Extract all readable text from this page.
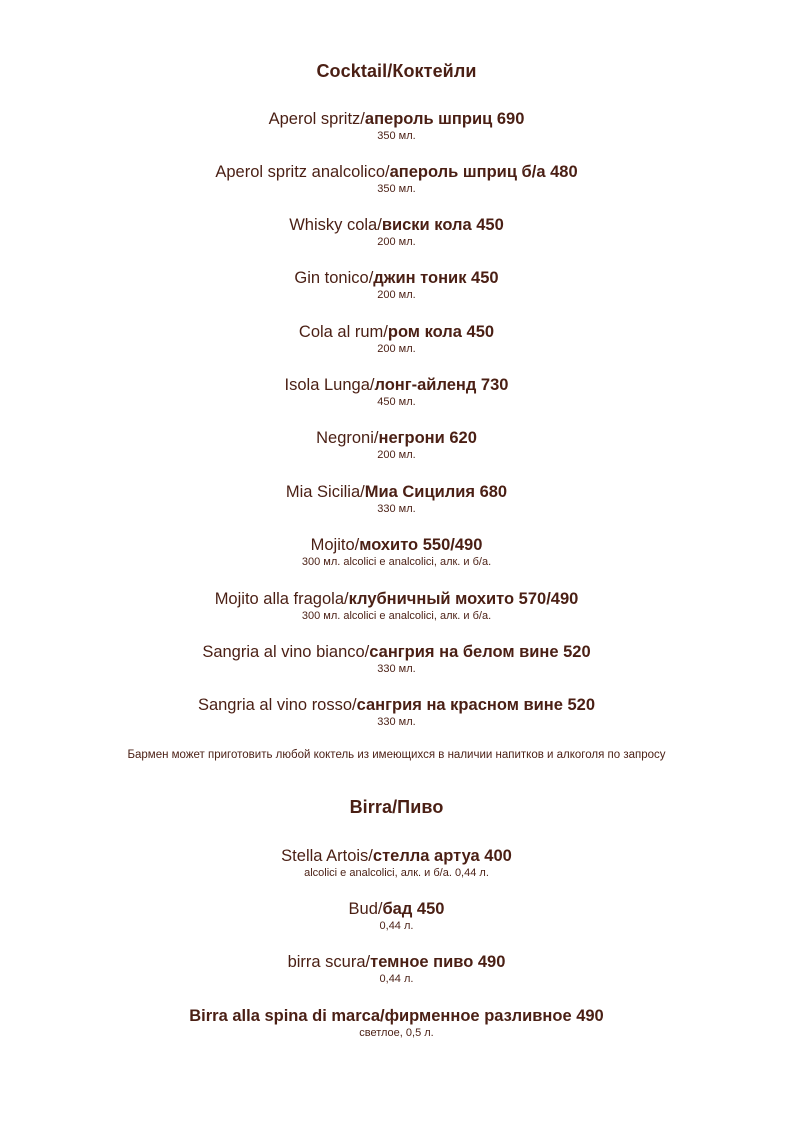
Cocktail/Коктейли
Aperol spritz/апероль шприц 690
350 мл.
Aperol spritz analcolico/апероль шприц б/а 480
350 мл.
Whisky cola/виски кола 450
200 мл.
Gin tonico/джин тоник 450
200 мл.
Cola al rum/ром кола 450
200 мл.
Isola Lunga/лонг-айленд 730
450 мл.
Negroni/негрони 620
200 мл.
Mia Sicilia/Миа Сицилия 680
330 мл.
Mojito/мохито 550/490
300 мл. alcolici e analcolici, алк. и б/а.
Mojito alla fragola/клубничный мохито 570/490
300 мл. alcolici e analcolici, алк. и б/а.
Sangria al vino bianco/сангрия на белом вине 520
330 мл.
Sangria al vino rosso/сангрия на красном вине 520
330 мл.
Бармен может приготовить любой коктель из имеющихся в наличии напитков и алкоголя по запросу
Birra/Пиво
Stella Artois/стелла артуа 400
alcolici e analcolici, алк. и б/а. 0,44 л.
Bud/бад 450
0,44 л.
birra scura/темное пиво 490
0,44 л.
Birra alla spina di marca/фирменное разливное 490
светлое, 0,5 л.
